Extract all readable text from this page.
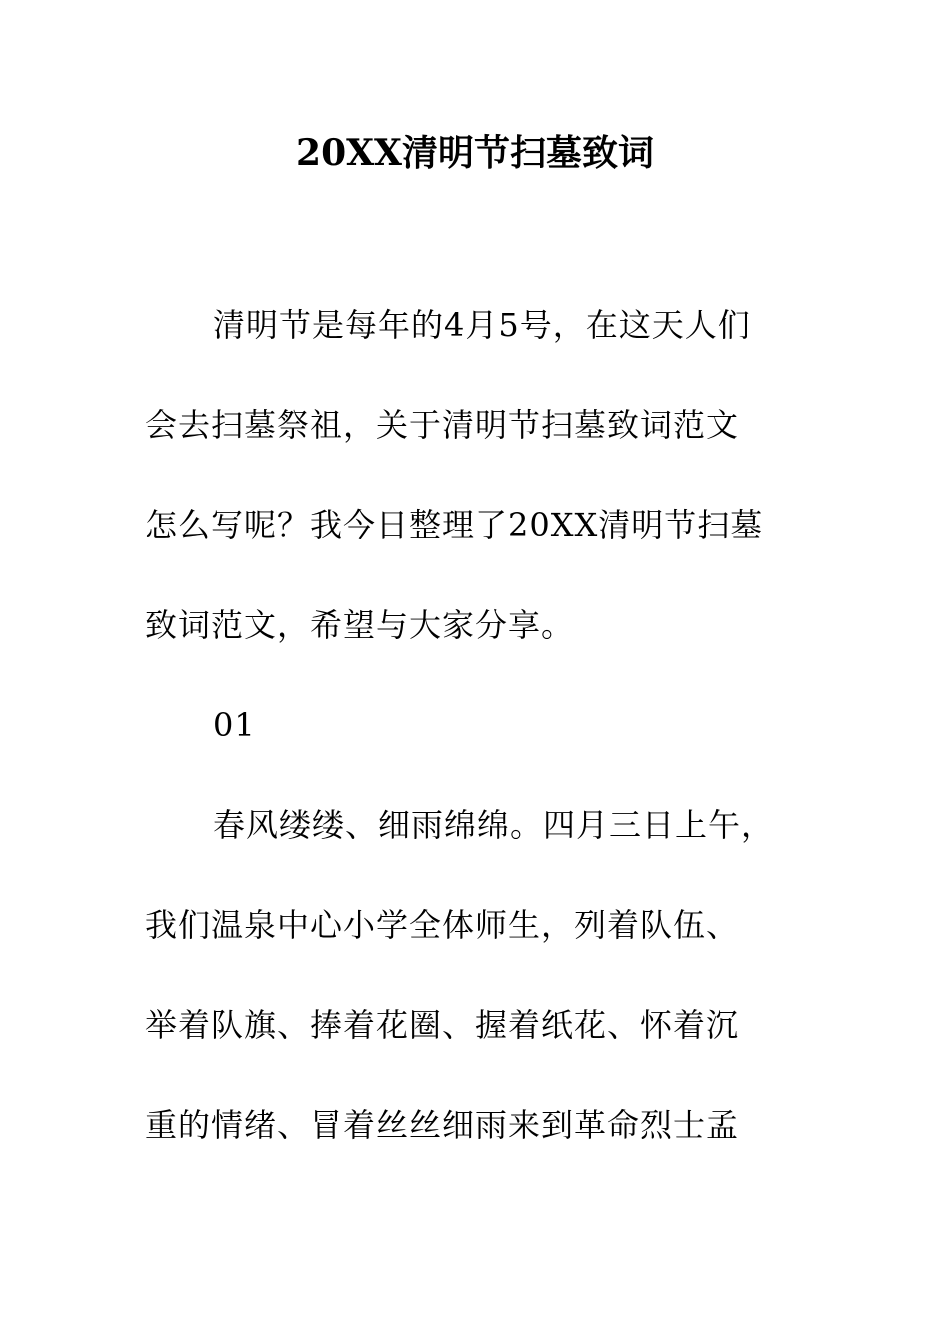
20XX清明节扫墓致词
清明节是每年的4月5号，在这天人们
会去扫墓祭祖，关于清明节扫墓致词范文
怎么写呢？我今日整理了20XX清明节扫墓
致词范文，希望与大家分享。
01
春风缕缕、细雨绵绵。四月三日上午，
我们温泉中心小学全体师生，列着队伍、
举着队旗、捧着花圈、握着纸花、怀着沉
重的情绪、冒着丝丝细雨来到革命烈士孟
